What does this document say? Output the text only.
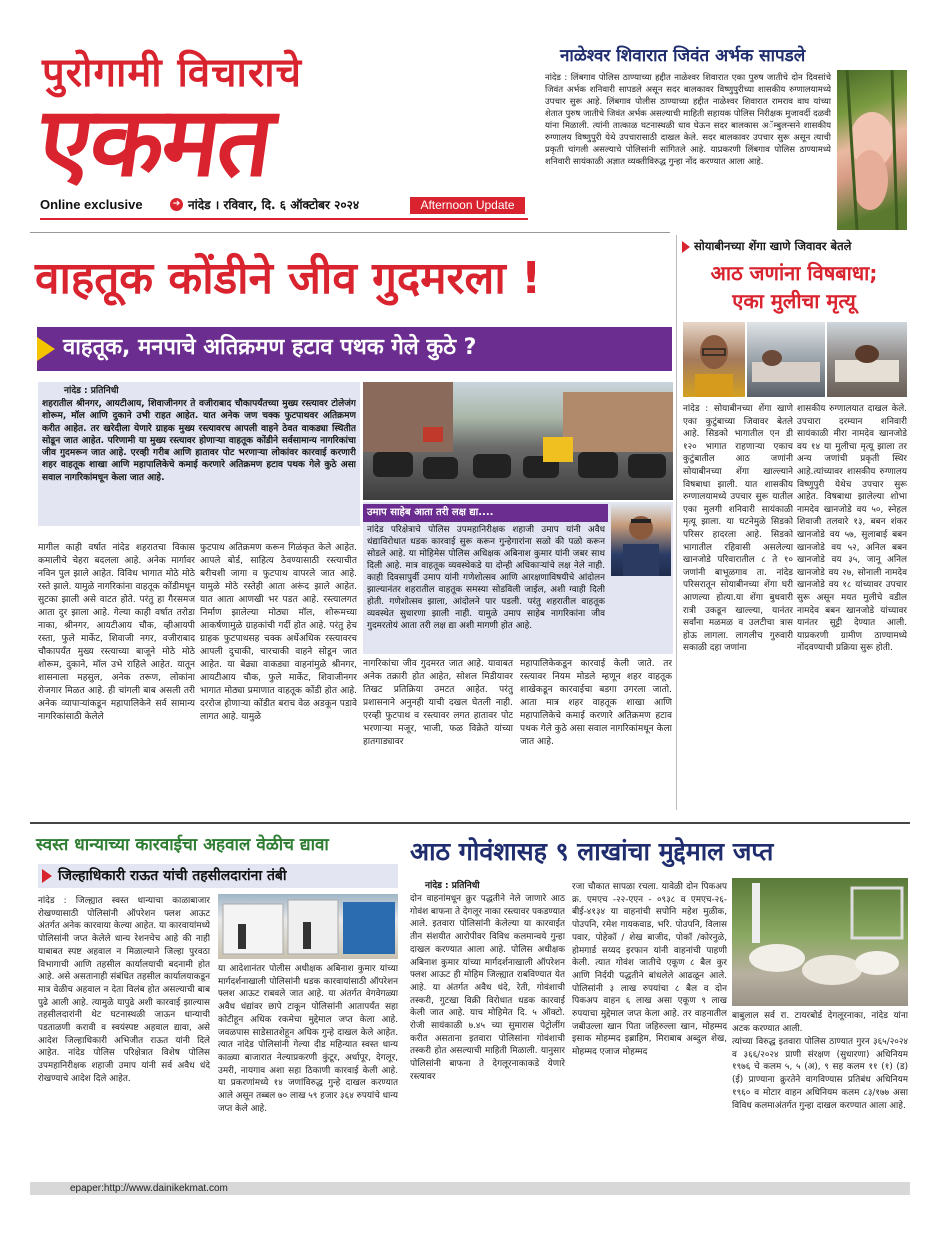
पुरोगामी विचाराचे
एकमत
Online exclusive	➔ नांदेड । रविवार, दि. ६ ऑक्टोबर २०२४	Afternoon Update
नाळेश्वर शिवारात जिवंत अर्भक सापडले
नांदेड : लिंबगाव पोलिस ठाण्याच्या हद्दीत नाळेश्वर शिवारात एका पुरुष जातीचे दोन दिवसांचे जिवंत अर्भक शनिवारी सापडले असून सदर बालकावर विष्णुपुरीच्या शासकीय रुग्णालयामध्ये उपचार सुरू आहे. लिंबगाव पोलीस ठाण्याच्या हद्दीत नाळेश्वर शिवारात रामराव वाघ यांच्या शेतात पुरुष जातीचे जिवंत अर्भक असल्याची माहिती सहायक पोलिस निरीक्षक मुजावर्दी दळवी यांना मिळाली. त्यांनी तात्काळ घटनास्थळी धाव घेऊन सदर बालकास अॅम्बुलन्सने शासकीय रुग्णालय विष्णुपुरी येथे उपचारासाठी दाखल केले. सदर बालकावर उपचार सुरू असून त्याची प्रकृती चांगली असल्याचे पोलिसांनी सांगितले आहे. याप्रकरणी लिंबगाव पोलिस ठाण्यामध्ये शनिवारी सायंकाळी अज्ञात व्यक्तीविरुद्ध गुन्हा नोंद करण्यात आला आहे.
वाहतूक कोंडीने जीव गुदमरला !
वाहतूक, मनपाचे अतिक्रमण हटाव पथक गेले कुठे ?
नांदेड : प्रतिनिधी
शहरातील श्रीनगर, आयटीआय, शिवाजीनगर ते वजीराबाद चौकापर्यंतच्या मुख्य रस्त्यावर टोलेजंग शोरूम, मॉल आणि दुकाने उभी राहत आहेत. यात अनेक जण चक्क फुटपाथवर अतिक्रमण करीत आहेत. तर खरेदीला येणारे ग्राहक मुख्य रस्त्यावरच आपली वाहने ठेवत वाकड्या स्थितीत सोडून जात आहेत. परिणामी या मुख्य रस्त्यावर होणाऱ्या वाहतूक कोंडीने सर्वसामान्य नागरिकांचा जीव गुदमरून जात आहे. एरव्ही गरीब आणि हातावर पोट भरणाऱ्या लोकांवर कारवाई करणारी शहर वाहतूक शाखा आणि महापालिकेचे कमाई करणारे अतिक्रमण हटाव पथक गेले कुठे असा सवाल नागरिकांमधून केला जात आहे.
उमाप साहेब आता तरी लक्ष द्या....
नांदेड परिक्षेत्राचे पोलिस उपमहानिरीक्षक शहाजी उमाप यांनी अवैध धंद्याविरोधात धडक कारवाई सुरू करून गुन्हेगारांना सळो की पळो करून सोडले आहे. या मोहिमेस पोलिस अधिक्षक अबिनाश कुमार यांनी जबर साथ दिली आहे. मात्र वाहतूक व्यवस्थेकडे या दोन्ही अधिकाऱ्यांचे लक्ष नेले नाही. काही दिवसापुर्वी उमाप यांनी गणेशोत्सव आणि आरक्षणाविषयीचे आंदोलन झाल्यानंतर शहरातील वाहतूक समस्या सोडविली जाईल, अशी ग्वाही दिली होती. गणेशोत्सव झाला, आंदोलने पार पडली. परंतु शहरातील वाहतूक व्यवस्थेत सुधारणा झाली नाही. यामुळे उमाप साहेब नागरिकांना जीव गुदमरतोयं आता तरी लक्ष द्या अशी मागणी होत आहे.
मागील काही वर्षात नांदेड शहरातचा विकास कमालीचे चेहरा बदलला आहे. अनेक मार्गावर नविन पुल झाले आहेत. विविध भागात मोठे मोठे रस्ते झाले. यामुळे नागरिकांना वाहतूक कोंडीमधून सुटका झाली असे वाटत होते. परंतु हा गैरसमज आता दुर झाला आहे. गेल्या काही वर्षात तरोडा नाका, श्रीनगर, आयटीआय चौक, व्हीआयपी रस्ता, फुले मार्केट, शिवाजी नगर, वजीराबाद चौकापर्यंत मुख्य रस्त्याच्या बाजूने मोठे मोठे शोरूम, दुकाने, मॉल उभे राहिले आहेत. यातून शासनाला महसुल, अनेक तरूण, लोकांना रोजगार मिळत आहे. ही चांगली बाब असली तरी अनेक व्यापाऱ्यांकडून महापालिकेने सर्व सामान्य नागरिकांसाठी केलेले
फुटपाथ अतिक्रमण करून गिळंकृत केले आहेत. आपले बोर्ड, साहित्य ठेवण्यासाठी रस्त्याचीत बरीचशी जागा व फुटपाथ वापरले जात आहे. यामुळे मोठे रस्तेही आता अरूंद झाले आहेत. यात आता आणखी भर पडत आहे. रस्त्यालगत निर्माण झालेल्या मोठ्या मॉल, शोरूमच्या आकर्षणामुळे ग्राहकांची गर्दी होत आहे. परंतु हेच ग्राहक फुटपाथसह चक्क अर्धेअधिक रस्त्यावरच आपली दुचाकी, चारचाकी वाहने सोडून जात आहेत. या बेढ्या वाकड्या वाहनांमुळे श्रीनगर, आयटीआय चौक, फुले मार्केट, शिवाजीनगर भागात मोठ्या प्रमाणात वाहतूक कोंडी होत आहे. दररोज होणाऱ्या कोंडीत बराच वेळ अडकून पडावे लागत आहे. यामुळे
नागरिकांचा जीव गुदमरत जात आहे. यावाबत अनेक तक्रारी होत आहेत, सोशल मिडीयावर तिखट प्रतिक्रिया उमटत आहेत. परंतु प्रशासनाने अनुनही याची दखल घेतली नाही. एरव्ही फुटपाथ व रस्त्यावर लगत हातावर पोट भरणाऱ्या मजूर, भाजी, फळ विक्रेते यांच्या हातगाड्यावर
महापालिकेकडून कारवाई केली जाते. तर रस्त्यावर नियम मोडले म्हणून शहर वाहतूक शाखेकडून कारवाईचा बडगा उगरला जातो. आता मात्र शहर वाहतूक शाखा आणि महापालिकेचे कमाई करणारे अतिक्रमण हटाव पथक गेले कुठे असा सवाल नागरिकांमधून केला जात आहे.
सोयाबीनच्या शेंगा खाणे जिवावर बेतले
आठ जणांना विषबाधा;
एका मुलीचा मृत्यू
नांदेड : सोयाबीनच्या शेंगा खाणे एका कुटुंबाच्या जिवावर बेतले आहे. सिडको भागातील एन डी १२० भागात राहणाऱ्या एकाच कुटुंबातील आठ जणांनी सोयाबीनच्या शेंगा खाल्ल्याने विषबाधा झाली. यात शासकीय रुग्णालयामध्ये उपचार सुरू यातील एका मुलगी शनिवारी सायंकाळी मृत्यू झाला. या घटनेमुळे सिडको परिसर हादरला आहे. सिडको भागातील रहिवासी असलेल्या खानजोडे परिवारातील ८ ते १० जणांनी बाभूळगाव ता. नांदेड परिसरातून सोयाबीनच्या शेंगा घरी आणल्या होत्या.या शेंगा बुधवारी रात्री उकडून खाल्ल्या, यानंतर सर्वांना मळमळ व उलटीचा त्रास होऊ लागला. लागलीच गुरुवारी सकाळी दहा जणांना
शासकीय रुग्णालयात दाखल केले. उपचारा दरम्यान शनिवारी सायंकाळी मीरा नामदेव खानजोडे वय १४ या मुलीचा मृत्यू झाला तर अन्य जणांची प्रकृती स्थिर आहे.त्यांच्यावर शासकीय रुग्णालय विष्णुपुरी येथेच उपचार सुरू आहेत. विषबाधा झालेल्या शोभा नामदेव खानजोडे वय ५०, स्नेहल शिवाजी तलवारे १३, बबन शंकर खानजोडे वय ५७, सुलाबाई बबन खानजोडे वय ५२, अनिल बबन खानजोडे वय ३५, जानू अनिल खानजोडे वय २७, सोनाली नामदेव खानजोडे वय १८ यांच्यावर उपचार सुरू असून मयत मुलीचे वडील नामदेव बबन खानजोडे यांच्यावर यानंतर सुट्टी देण्यात आली. याप्रकरणी ग्रामीण ठाण्यामध्ये नोंदवण्याची प्रक्रिया सुरू होती.
स्वस्त धान्याच्या कारवाईचा अहवाल वेळीच द्यावा
जिल्हाधिकारी राऊत यांची तहसीलदारांना तंबी
नांदेड : जिल्ह्यात स्वस्त धान्याचा काळाबाजार रोखण्यासाठी पोलिसांनी ऑपरेशन फ्लश आऊट अंतर्गत अनेक कारवाया केल्या आहेत. या कारवायांमध्ये पोलिसांनी जप्त केलेले धान्य रेशनचेच आहे की नाही याबाबत स्पष्ट अहवाल न मिळाल्याने जिल्हा पुरवठा विभागाची आणि तहसील कार्यालयाची बदनामी होत आहे. असे असतानाही संबंधित तहसील कार्यालयाकडून मात्र वेळीच अहवाल न देता विलंब होत असल्याची बाब पुढे आली आहे. त्यामुळे यापुढे अशी कारवाई झाल्यास तहसीलदारांनी थेट घटनास्थळी जाऊन धान्याची पडताळणी करावी व स्वयंस्पष्ट अहवाल द्यावा, असे आदेश जिल्हाधिकारी अभिजीत राऊत यांनी दिले आहेत. नांदेड पोलिस परिक्षेत्रात विशेष पोलिस उपमहानिरीक्षक शहाजी उमाप यांनी सर्व अवैध धंदे रोखण्याचे आदेश दिले आहेत.
या आदेशानंतर पोलीस अधीक्षक अबिनाश कुमार यांच्या मार्गदर्शनाखाली पोलिसांनी धडक कारवायांसाठी ऑपरेशन फ्लश आऊट राबवले जात आहे. या अंतर्गत वेगवेगळ्या अवैध धंद्यांवर छापे टाकून पोलिसांनी आतापर्यंत सहा कोटीहून अधिक रकमेचा मुद्देमाल जप्त केला आहे. जवळपास साडेसातशेहून अधिक गुन्हे दाखल केले आहेत. त्यात नांदेड पोलिसांनी गेल्या दीड महिन्यात स्वस्त धान्य काळ्या बाजारात नेल्याप्रकरणी कुंटूर, अर्धापूर, देगलूर, उमरी, नायगाव अशा सहा ठिकाणी कारवाई केली आहे. या प्रकरणांमध्ये १४ जणांविरुद्ध गुन्हे दाखल करण्यात आले असून तब्बल ७० लाख ५९ हजार ३६४ रुपयांचे धान्य जप्त केले आहे.
आठ गोवंशासह ९ लाखांचा मुद्देमाल जप्त
नांदेड : प्रतिनिधी
दोन वाहनांमधून क्रुर पद्धतीने नेले जाणारे आठ गोवंश बाफना ते देगलूर नाका रस्त्यावर पकडण्यात आले. इतवारा पोलिसांनी केलेल्या या कारवाईत तीन संशयीत आरोपीवर विविध कलमान्वये गुन्हा दाखल करण्यात आला आहे. पोलिस अधीक्षक अबिनाश कुमार यांच्या मार्गदर्शनाखाली ऑपरेशन फ्लश आऊट ही मोहिम जिल्ह्यात राबविण्यात येत आहे. या अंतर्गत अवैध धंदे, रेती, गोवंशाची तस्करी, गुटखा विक्री विरोधात धडक कारवाई केली जात आहे. याच मोहिमेत दि. ५ ऑक्टो. रोजी सायंकाळी ७.४५ च्या सुमारास पेट्रोलींग करीत असताना इतवारा पोलिसांना गोवंशाची तस्करी होत असल्याची माहिती मिळाली. यानुसार पोलिसांनी बाफना ते देगलूरनाकाकडे येणारे रस्त्यावर
रजा चौकात सापळा रचला. यावेळी दोन पिकअप क्र. एमएच -२२-एएन - ०९३८ व एमएच-२६-बीई-४१३४ या वाहनांची सपोनि महेश मुळीक, पोउपनि, रमेश गायकवाड, भरि. पोउपनि, विलास पवार, पोहेकॉ / शेख बाजीद, पोकॉ /कोरनुळे, होमगार्ड सय्यद इरफान यांनी वाहनांची पाहणी केली. त्यात गोवंश जातीचे एकूण ८ बैल कुर आणि निर्दयी पद्धतीने बांधलेले आढळून आले. पोलिसांनी ३ लाख रुपयांचा ८ बैल व दोन पिकअप वाहन ६ लाख असा एकूण ९ लाख रुपयाचा मुद्देमाल जप्त केला आहे. तर वाहनातील जबीउल्ला खान पिता जहिरुल्ला खान, मोहम्मद इसाक मोहम्मद इब्राहिम, मिराबाब अब्दुल शेख, मोहम्मद एजाज मोहम्मद
बाबुलाल सर्व रा. टायरबोर्ड देगलूरनाका, नांदेड यांना अटक करण्यात आली.
त्यांच्या विरुद्ध इतवारा पोलिस ठाण्यात गुरन ३६५/२०२४ व ३६६/२०२४ प्राणी संरक्षण (सुधारणा) अधिनियम १९७६ चे कलम ५, ५ (अ), ९ सह कलम ११ (१) (ड) (ई) प्राण्याना क्रुरतेने वागविण्यास प्रतिबंध अधिनियम १९६० व मोटार वाहन अधिनियम कलम ८३/१७७ असा विविध कलमाअंतर्गत गुन्हा दाखल करण्यात आला आहे.
epaper:http://www.dainikekmat.com
